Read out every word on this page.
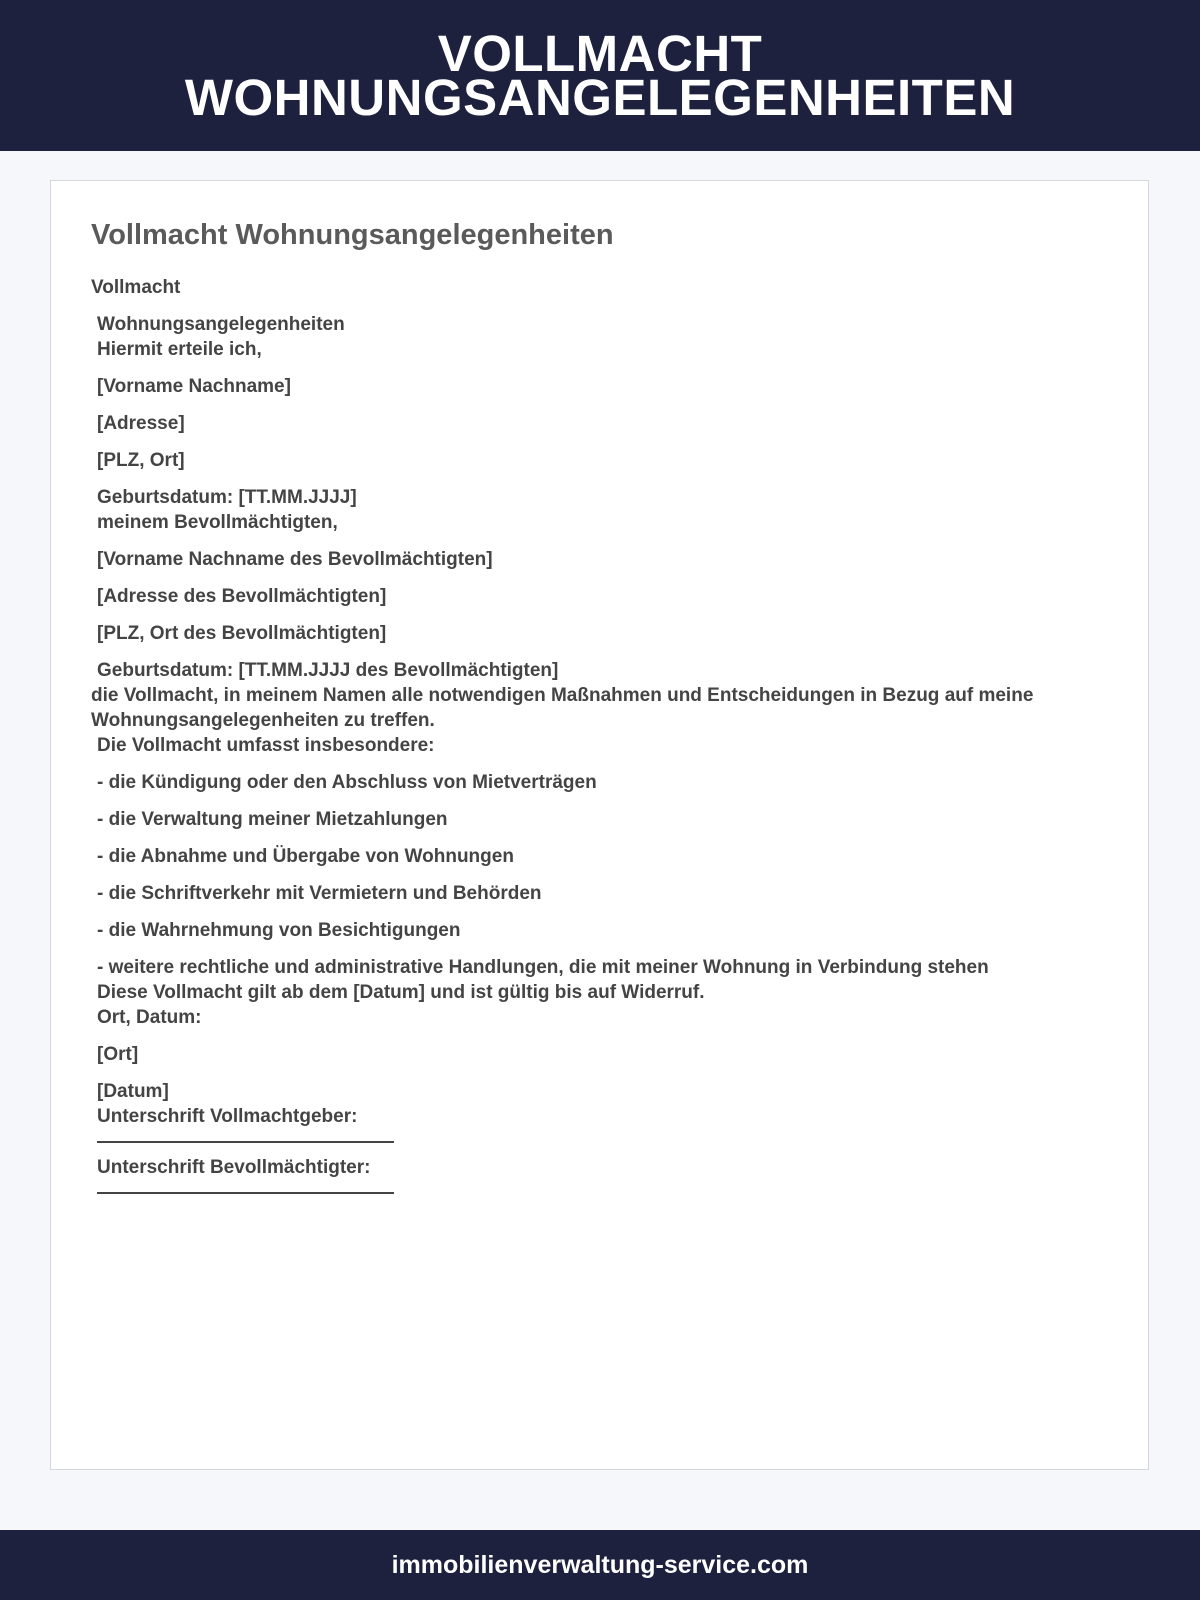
VOLLMACHT
WOHNUNGSANGELEGENHEITEN
Vollmacht Wohnungsangelegenheiten

Vollmacht

Wohnungsangelegenheiten

Hiermit erteile ich,

[Vorname Nachname]

[Adresse]

[PLZ, Ort]

Geburtsdatum: [TT.MM.JJJJ]

meinem Bevollmächtigten,

[Vorname Nachname des Bevollmächtigten]

[Adresse des Bevollmächtigten]

[PLZ, Ort des Bevollmächtigten]

Geburtsdatum: [TT.MM.JJJJ des Bevollmächtigten]

die Vollmacht, in meinem Namen alle notwendigen Maßnahmen und Entscheidungen in Bezug auf meine Wohnungsangelegenheiten zu treffen.

Die Vollmacht umfasst insbesondere:

- die Kündigung oder den Abschluss von Mietverträgen

- die Verwaltung meiner Mietzahlungen

- die Abnahme und Übergabe von Wohnungen

- die Schriftverkehr mit Vermietern und Behörden

- die Wahrnehmung von Besichtigungen

- weitere rechtliche und administrative Handlungen, die mit meiner Wohnung in Verbindung stehen

Diese Vollmacht gilt ab dem [Datum] und ist gültig bis auf Widerruf.

Ort, Datum:

[Ort]

[Datum]

Unterschrift Vollmachtgeber:

Unterschrift Bevollmächtigter:

immobilienverwaltung-service.com
